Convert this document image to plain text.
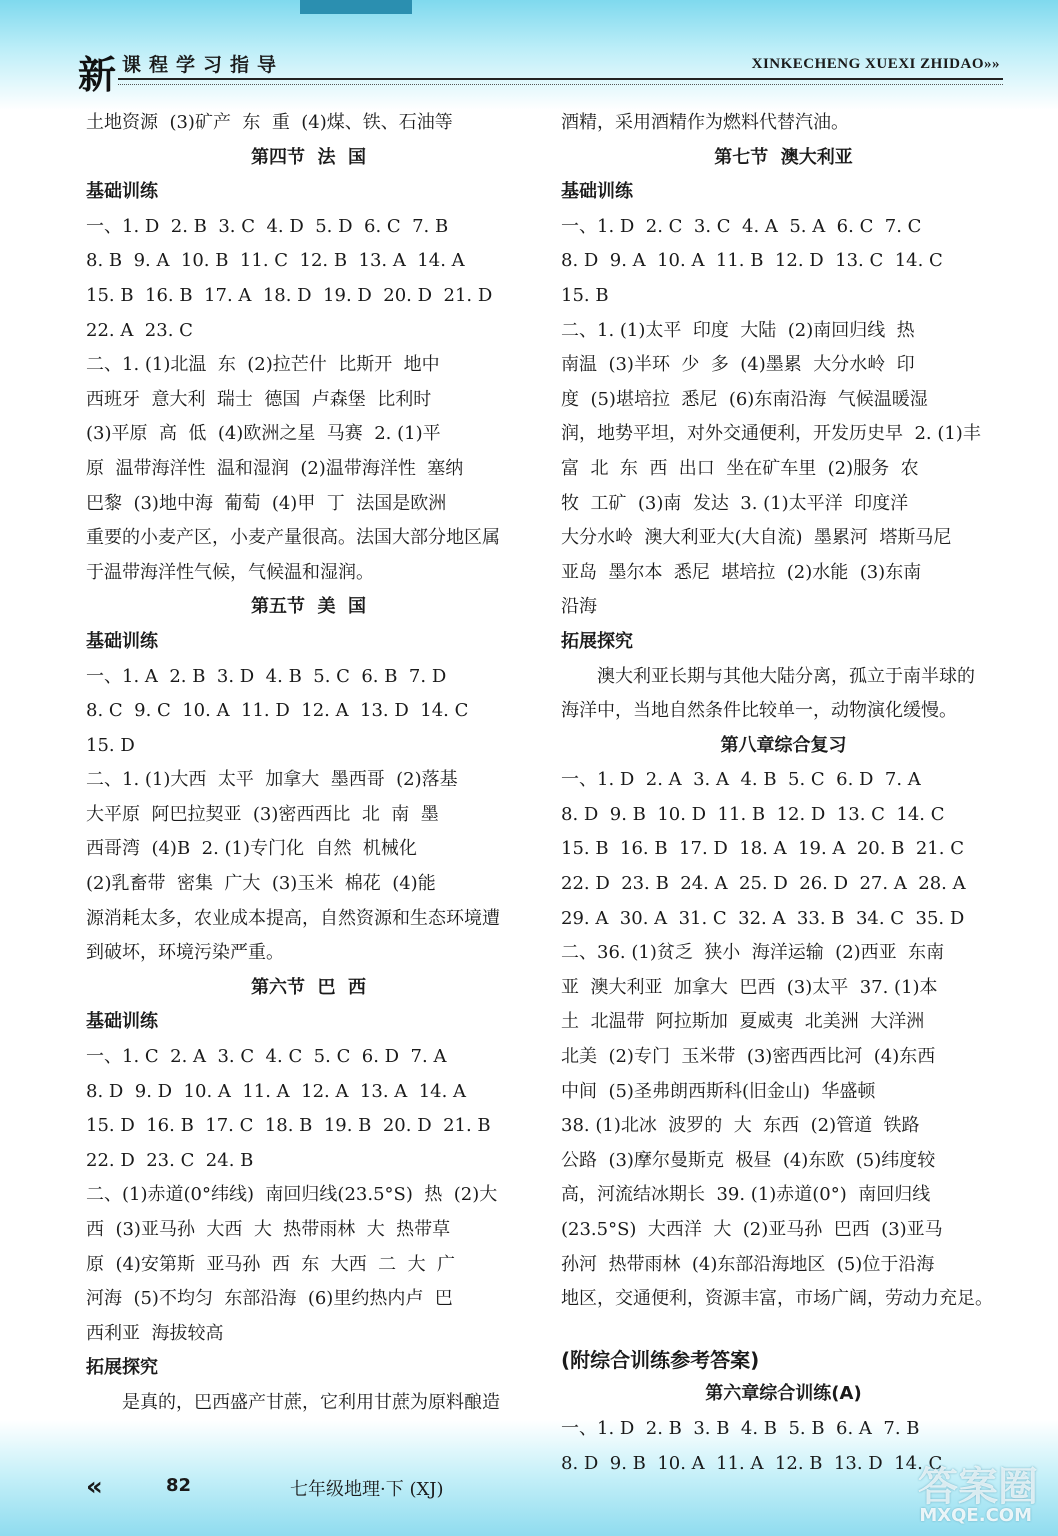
新 课程学习指导	XINKECHENG XUEXI ZHIDAO»»
土地资源  (3)矿产  东  重  (4)煤、铁、石油等
第四节  法  国
基础训练
一、1. D  2. B  3. C  4. D  5. D  6. C  7. B
8. B  9. A  10. B  11. C  12. B  13. A  14. A
15. B  16. B  17. A  18. D  19. D  20. D  21. D
22. A  23. C
二、1. (1)北温  东  (2)拉芒什  比斯开  地中
西班牙  意大利  瑞士  德国  卢森堡  比利时
(3)平原  高  低  (4)欧洲之星  马赛  2. (1)平
原  温带海洋性  温和湿润  (2)温带海洋性  塞纳
巴黎  (3)地中海  葡萄  (4)甲  丁  法国是欧洲
重要的小麦产区，小麦产量很高。法国大部分地区属
于温带海洋性气候，气候温和湿润。
第五节  美  国
基础训练
一、1. A  2. B  3. D  4. B  5. C  6. B  7. D
8. C  9. C  10. A  11. D  12. A  13. D  14. C
15. D
二、1. (1)大西  太平  加拿大  墨西哥  (2)落基
大平原  阿巴拉契亚  (3)密西西比  北  南  墨
西哥湾  (4)B  2. (1)专门化  自然  机械化
(2)乳畜带  密集  广大  (3)玉米  棉花  (4)能
源消耗太多，农业成本提高，自然资源和生态环境遭
到破坏，环境污染严重。
第六节  巴  西
基础训练
一、1. C  2. A  3. C  4. C  5. C  6. D  7. A
8. D  9. D  10. A  11. A  12. A  13. A  14. A
15. D  16. B  17. C  18. B  19. B  20. D  21. B
22. D  23. C  24. B
二、(1)赤道(0°纬线)  南回归线(23.5°S)  热  (2)大
西  (3)亚马孙  大西  大  热带雨林  大  热带草
原  (4)安第斯  亚马孙  西  东  大西  二  大  广
河海  (5)不均匀  东部沿海  (6)里约热内卢  巴
西利亚  海拔较高
拓展探究
是真的，巴西盛产甘蔗，它利用甘蔗为原料酿造
酒精，采用酒精作为燃料代替汽油。
第七节  澳大利亚
基础训练
一、1. D  2. C  3. C  4. A  5. A  6. C  7. C
8. D  9. A  10. A  11. B  12. D  13. C  14. C
15. B
二、1. (1)太平  印度  大陆  (2)南回归线  热
南温  (3)半环  少  多  (4)墨累  大分水岭  印
度  (5)堪培拉  悉尼  (6)东南沿海  气候温暖湿
润，地势平坦，对外交通便利，开发历史早  2. (1)丰
富  北  东  西  出口  坐在矿车里  (2)服务  农
牧  工矿  (3)南  发达  3. (1)太平洋  印度洋
大分水岭  澳大利亚大(大自流)  墨累河  塔斯马尼
亚岛  墨尔本  悉尼  堪培拉  (2)水能  (3)东南
沿海
拓展探究
澳大利亚长期与其他大陆分离，孤立于南半球的
海洋中，当地自然条件比较单一，动物演化缓慢。
第八章综合复习
一、1. D  2. A  3. A  4. B  5. C  6. D  7. A
8. D  9. B  10. D  11. B  12. D  13. C  14. C
15. B  16. B  17. D  18. A  19. A  20. B  21. C
22. D  23. B  24. A  25. D  26. D  27. A  28. A
29. A  30. A  31. C  32. A  33. B  34. C  35. D
二、36. (1)贫乏  狭小  海洋运输  (2)西亚  东南
亚  澳大利亚  加拿大  巴西  (3)太平  37. (1)本
土  北温带  阿拉斯加  夏威夷  北美洲  大洋洲
北美  (2)专门  玉米带  (3)密西西比河  (4)东西
中间  (5)圣弗朗西斯科(旧金山)  华盛顿
38. (1)北冰  波罗的  大  东西  (2)管道  铁路
公路  (3)摩尔曼斯克  极昼  (4)东欧  (5)纬度较
高，河流结冰期长  39. (1)赤道(0°)  南回归线
(23.5°S)  大西洋  大  (2)亚马孙  巴西  (3)亚马
孙河  热带雨林  (4)东部沿海地区  (5)位于沿海
地区，交通便利，资源丰富，市场广阔，劳动力充足。
(附综合训练参考答案)
第六章综合训练(A)
一、1. D  2. B  3. B  4. B  5. B  6. A  7. B
8. D  9. B  10. A  11. A  12. B  13. D  14. C
«	82	七年级地理·下 (XJ)	答案圈
MXQE.COM
